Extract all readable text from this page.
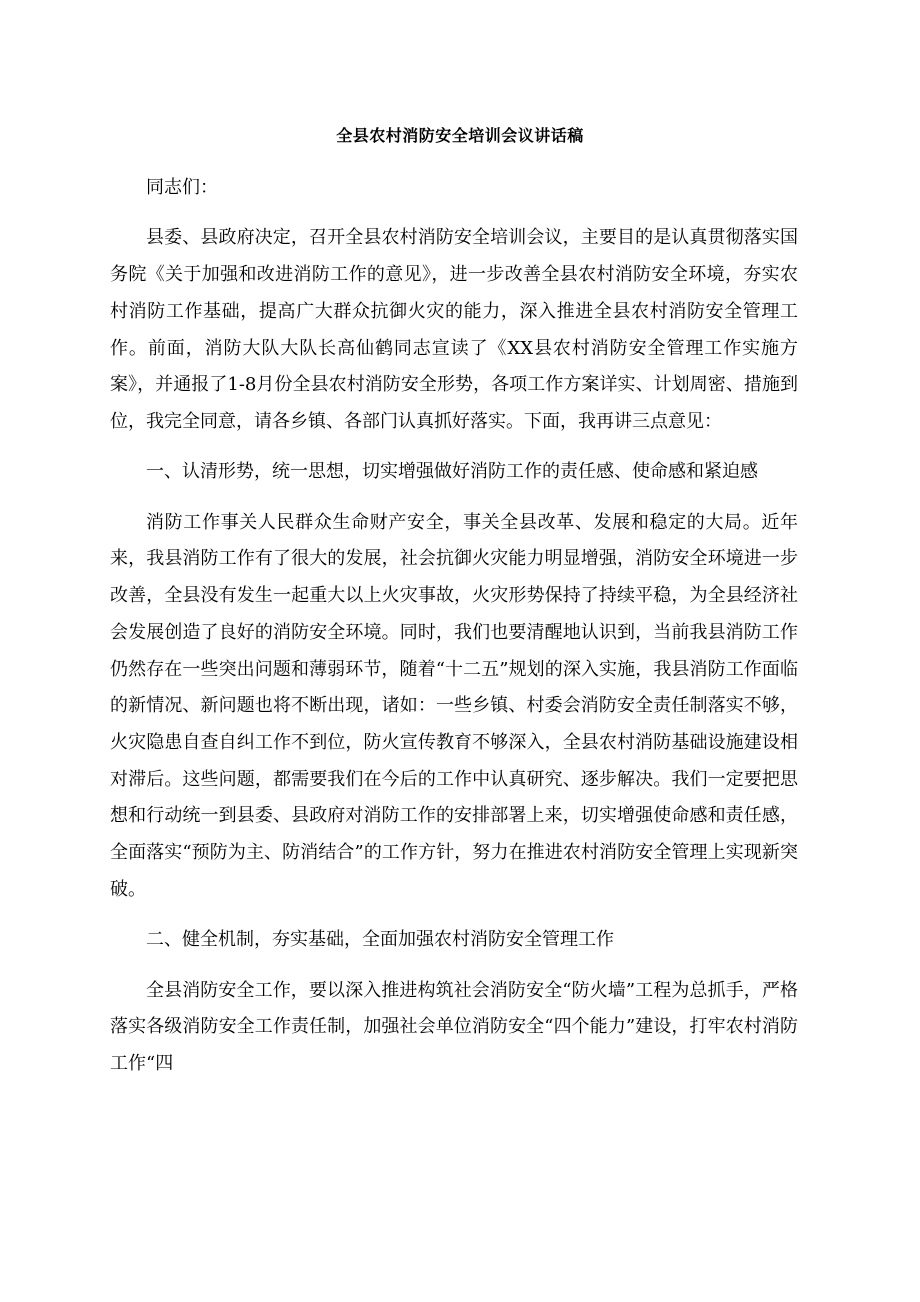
全县农村消防安全培训会议讲话稿

同志们：

县委、县政府决定，召开全县农村消防安全培训会议，主要目的是认真贯彻落实国务院《关于加强和改进消防工作的意见》，进一步改善全县农村消防安全环境，夯实农村消防工作基础，提高广大群众抗御火灾的能力，深入推进全县农村消防安全管理工作。前面，消防大队大队长高仙鹤同志宣读了《XX县农村消防安全管理工作实施方案》，并通报了1-8月份全县农村消防安全形势，各项工作方案详实、计划周密、措施到位，我完全同意，请各乡镇、各部门认真抓好落实。下面，我再讲三点意见：

一、认清形势，统一思想，切实增强做好消防工作的责任感、使命感和紧迫感

消防工作事关人民群众生命财产安全，事关全县改革、发展和稳定的大局。近年来，我县消防工作有了很大的发展，社会抗御火灾能力明显增强，消防安全环境进一步改善，全县没有发生一起重大以上火灾事故，火灾形势保持了持续平稳，为全县经济社会发展创造了良好的消防安全环境。同时，我们也要清醒地认识到，当前我县消防工作仍然存在一些突出问题和薄弱环节，随着“十二五”规划的深入实施，我县消防工作面临的新情况、新问题也将不断出现，诸如：一些乡镇、村委会消防安全责任制落实不够，火灾隐患自查自纠工作不到位，防火宣传教育不够深入，全县农村消防基础设施建设相对滞后。这些问题，都需要我们在今后的工作中认真研究、逐步解决。我们一定要把思想和行动统一到县委、县政府对消防工作的安排部署上来，切实增强使命感和责任感，全面落实“预防为主、防消结合”的工作方针，努力在推进农村消防安全管理上实现新突破。

二、健全机制，夯实基础，全面加强农村消防安全管理工作

全县消防安全工作，要以深入推进构筑社会消防安全“防火墙”工程为总抓手，严格落实各级消防安全工作责任制，加强社会单位消防安全“四个能力”建设，打牢农村消防工作“四
